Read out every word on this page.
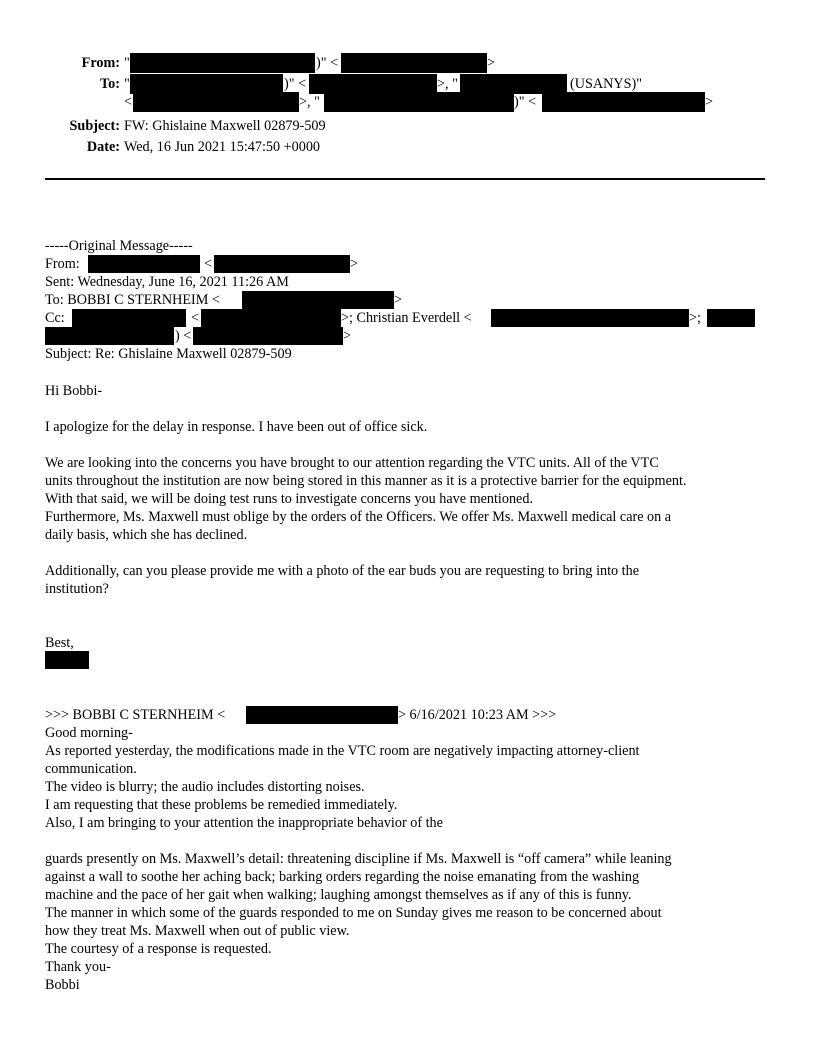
From: "	)" <	>
To: "	)" <	>, "	(USANYS)"
<	>, "	)" <	>
Subject: FW: Ghislaine Maxwell 02879-509
Date: Wed, 16 Jun 2021 15:47:50 +0000
-----Original Message-----
From:	<	>
Sent: Wednesday, June 16, 2021 11:26 AM
To: BOBBI C STERNHEIM <	>
Cc:	<	>; Christian Everdell <	>;
) <	>
Subject: Re: Ghislaine Maxwell 02879-509
Hi Bobbi-
I apologize for the delay in response. I have been out of office sick.
We are looking into the concerns you have brought to our attention regarding the VTC units. All of the VTC
units throughout the institution are now being stored in this manner as it is a protective barrier for the equipment.
With that said, we will be doing test runs to investigate concerns you have mentioned.
Furthermore, Ms. Maxwell must oblige by the orders of the Officers. We offer Ms. Maxwell medical care on a
daily basis, which she has declined.
Additionally, can you please provide me with a photo of the ear buds you are requesting to bring into the
institution?
Best,
>>> BOBBI C STERNHEIM <	> 6/16/2021 10:23 AM >>>
Good morning-
As reported yesterday, the modifications made in the VTC room are negatively impacting attorney-client
communication.
The video is blurry; the audio includes distorting noises.
I am requesting that these problems be remedied immediately.
Also, I am bringing to your attention the inappropriate behavior of the
guards presently on Ms. Maxwell’s detail: threatening discipline if Ms. Maxwell is “off camera” while leaning
against a wall to soothe her aching back; barking orders regarding the noise emanating from the washing
machine and the pace of her gait when walking; laughing amongst themselves as if any of this is funny.
The manner in which some of the guards responded to me on Sunday gives me reason to be concerned about
how they treat Ms. Maxwell when out of public view.
The courtesy of a response is requested.
Thank you-
Bobbi
